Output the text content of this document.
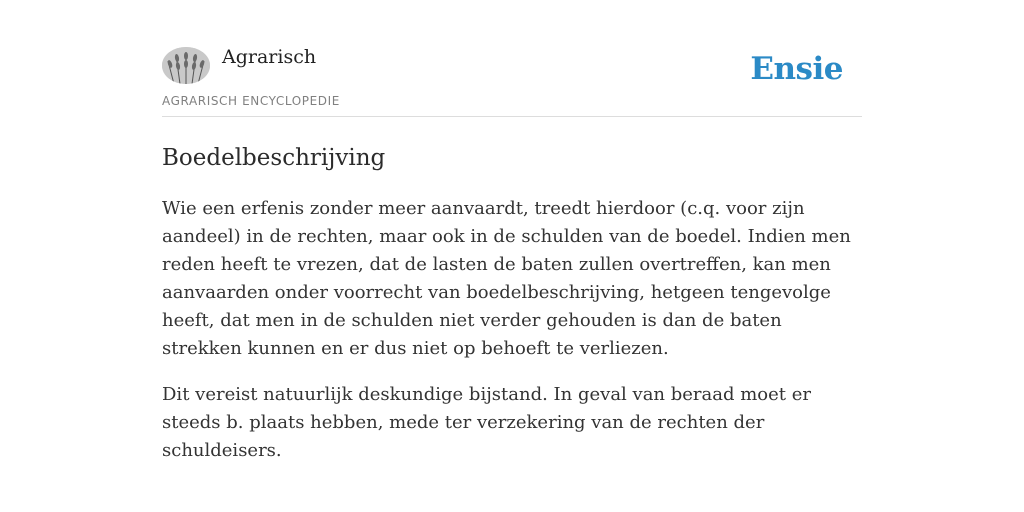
Agrarisch
AGRARISCH ENCYCLOPEDIE
Ensie
Boedelbeschrijving

Wie een erfenis zonder meer aanvaardt, treedt hierdoor (c.q. voor zijn aandeel) in de rechten, maar ook in de schulden van de boedel. Indien men reden heeft te vrezen, dat de lasten de baten zullen overtreffen, kan men aanvaarden onder voorrecht van boedelbeschrijving, hetgeen tengevolge heeft, dat men in de schulden niet verder gehouden is dan de baten strekken kunnen en er dus niet op behoeft te verliezen.

Dit vereist natuurlijk deskundige bijstand. In geval van beraad moet er steeds b. plaats hebben, mede ter verzekering van de rechten der schuldeisers.
